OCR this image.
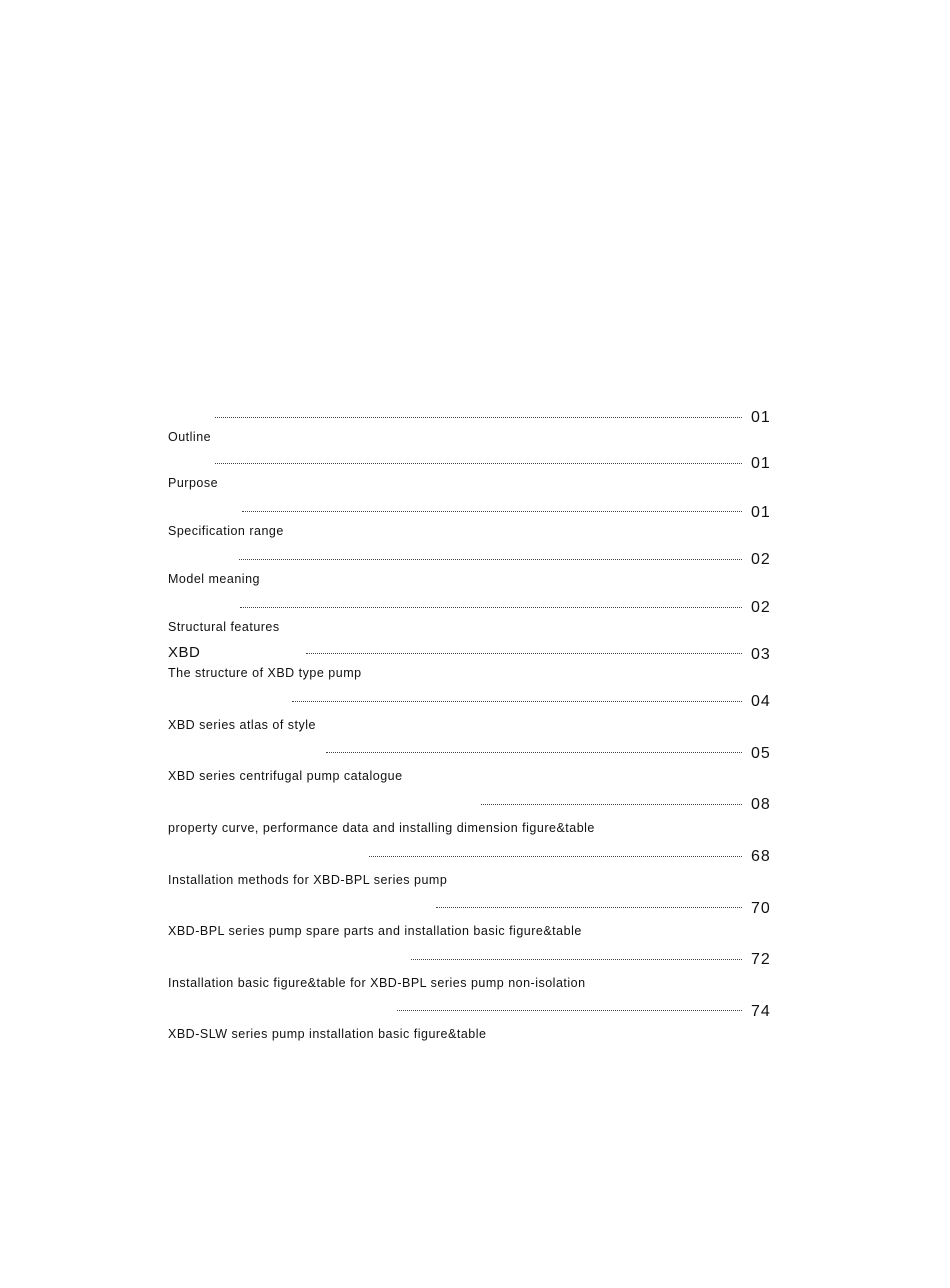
01
Outline
01
Purpose
01
Specification range
02
Model meaning
02
Structural features
XBD	03
The structure of XBD type pump
04
XBD series atlas of style
05
XBD series centrifugal pump catalogue
08
property curve, performance data and installing dimension figure&table
68
Installation methods for XBD-BPL series pump
70
XBD-BPL series pump spare parts and installation basic figure&table
72
Installation basic figure&table for XBD-BPL series pump non-isolation
74
XBD-SLW series pump installation basic figure&table
